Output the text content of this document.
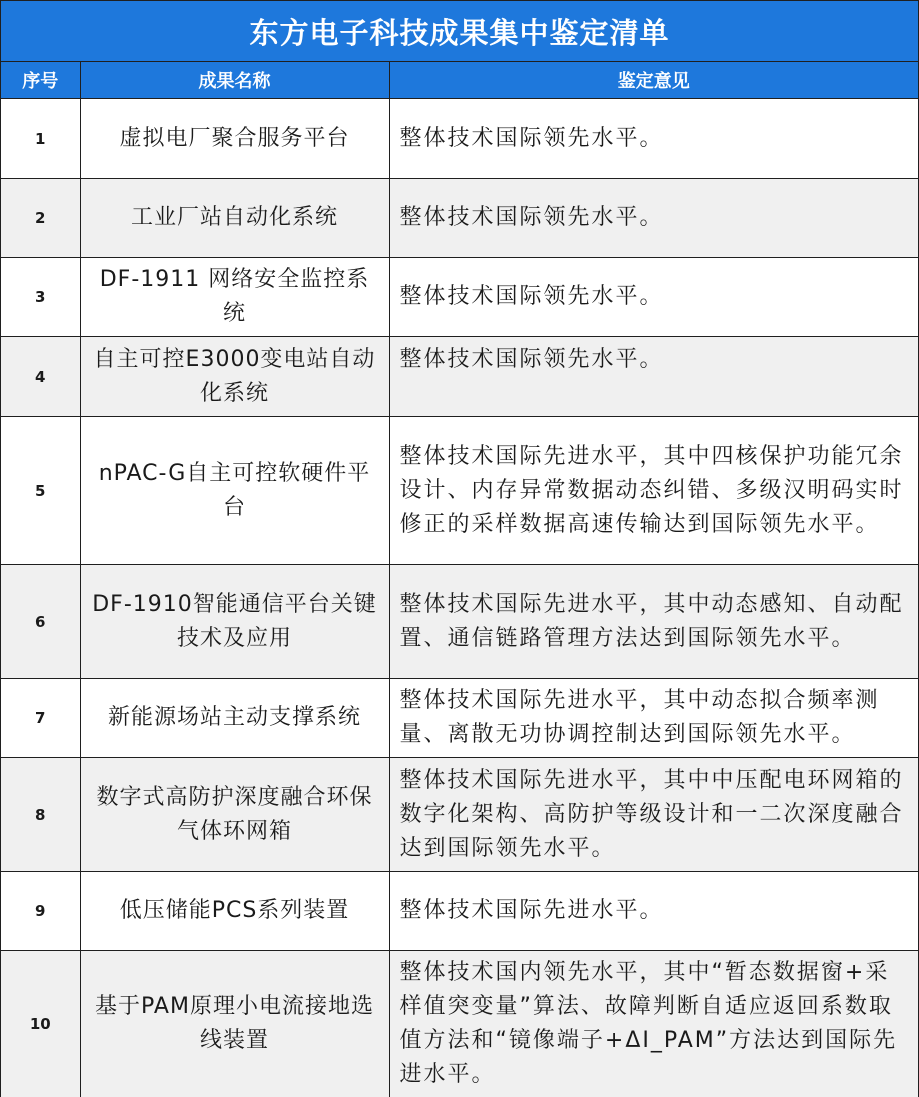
东方电子科技成果集中鉴定清单
序号	成果名称	鉴定意见
1	虚拟电厂聚合服务平台	整体技术国际领先水平。
2	工业厂站自动化系统	整体技术国际领先水平。
3	DF-1911 网络安全监控系统	整体技术国际领先水平。
4	自主可控E3000变电站自动化系统	整体技术国际领先水平。
5	nPAC-G自主可控软硬件平台	整体技术国际先进水平，其中四核保护功能冗余设计、内存异常数据动态纠错、多级汉明码实时修正的采样数据高速传输达到国际领先水平。
6	DF-1910智能通信平台关键技术及应用	整体技术国际先进水平，其中动态感知、自动配置、通信链路管理方法达到国际领先水平。
7	新能源场站主动支撑系统	整体技术国际先进水平，其中动态拟合频率测量、离散无功协调控制达到国际领先水平。
8	数字式高防护深度融合环保气体环网箱	整体技术国际先进水平，其中中压配电环网箱的数字化架构、高防护等级设计和一二次深度融合达到国际领先水平。
9	低压储能PCS系列装置	整体技术国际先进水平。
10	基于PAM原理小电流接地选线装置	整体技术国内领先水平，其中“暂态数据窗+采样值突变量”算法、故障判断自适应返回系数取值方法和“镜像端子+ΔI_PAM”方法达到国际先进水平。
